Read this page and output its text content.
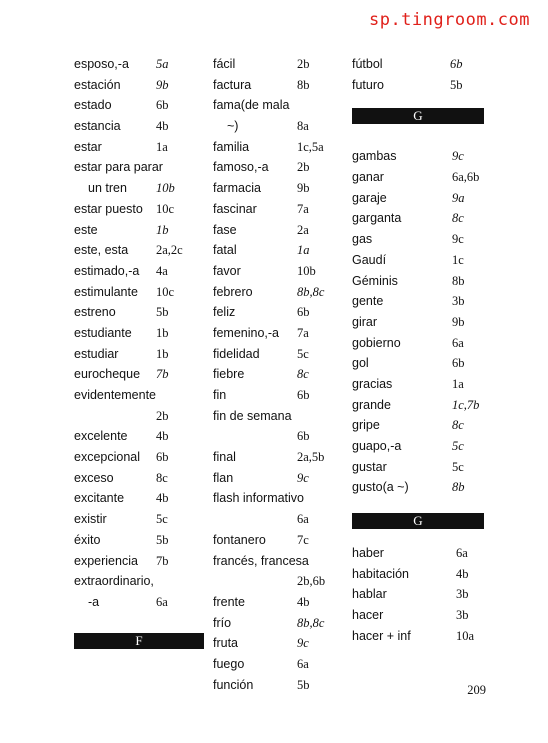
sp.tingroom.com
esposo,-a 5a
estación	9b
estado	6b
estancia	4b
estar	1a
estar para parar
un tren 10b
estar puesto 10c
este	1b
este, esta 2a,2c
estimado,-a 4a
estimulante 10c
estreno	5b
estudiante 1b
estudiar	1b
eurocheque 7b
evidentemente
2b
excelente 4b
excepcional 6b
exceso	8c
excitante	4b
existir	5c
éxito	5b
experiencia 7b
extraordinario,
-a	6a
F
fácil	2b
factura	8b
fama(de mala
~)	8a
familia	1c,5a
famoso,-a 2b
farmacia	9b
fascinar	7a
fase	2a
fatal	1a
favor	10b
febrero	8b,8c
feliz	6b
femenino,-a 7a
fidelidad	5c
fiebre	8c
fin	6b
fin de semana
6b
final	2a,5b
flan	9c
flash informativo
6a
fontanero 7c
francés, francesa
2b,6b
frente	4b
frío	8b,8c
fruta	9c
fuego	6a
función	5b
fútbol	6b
futuro	5b
G
gambas	9c
ganar	6a,6b
garaje	9a
garganta	8c
gas	9c
Gaudí	1c
Géminis	8b
gente	3b
girar	9b
gobierno	6a
gol	6b
gracias	1a
grande	1c,7b
gripe	8c
guapo,-a	5c
gustar	5c
gusto(a ~)	8b
G
haber	6a
habitación	4b
hablar	3b
hacer	3b
hacer + inf	10a
209
